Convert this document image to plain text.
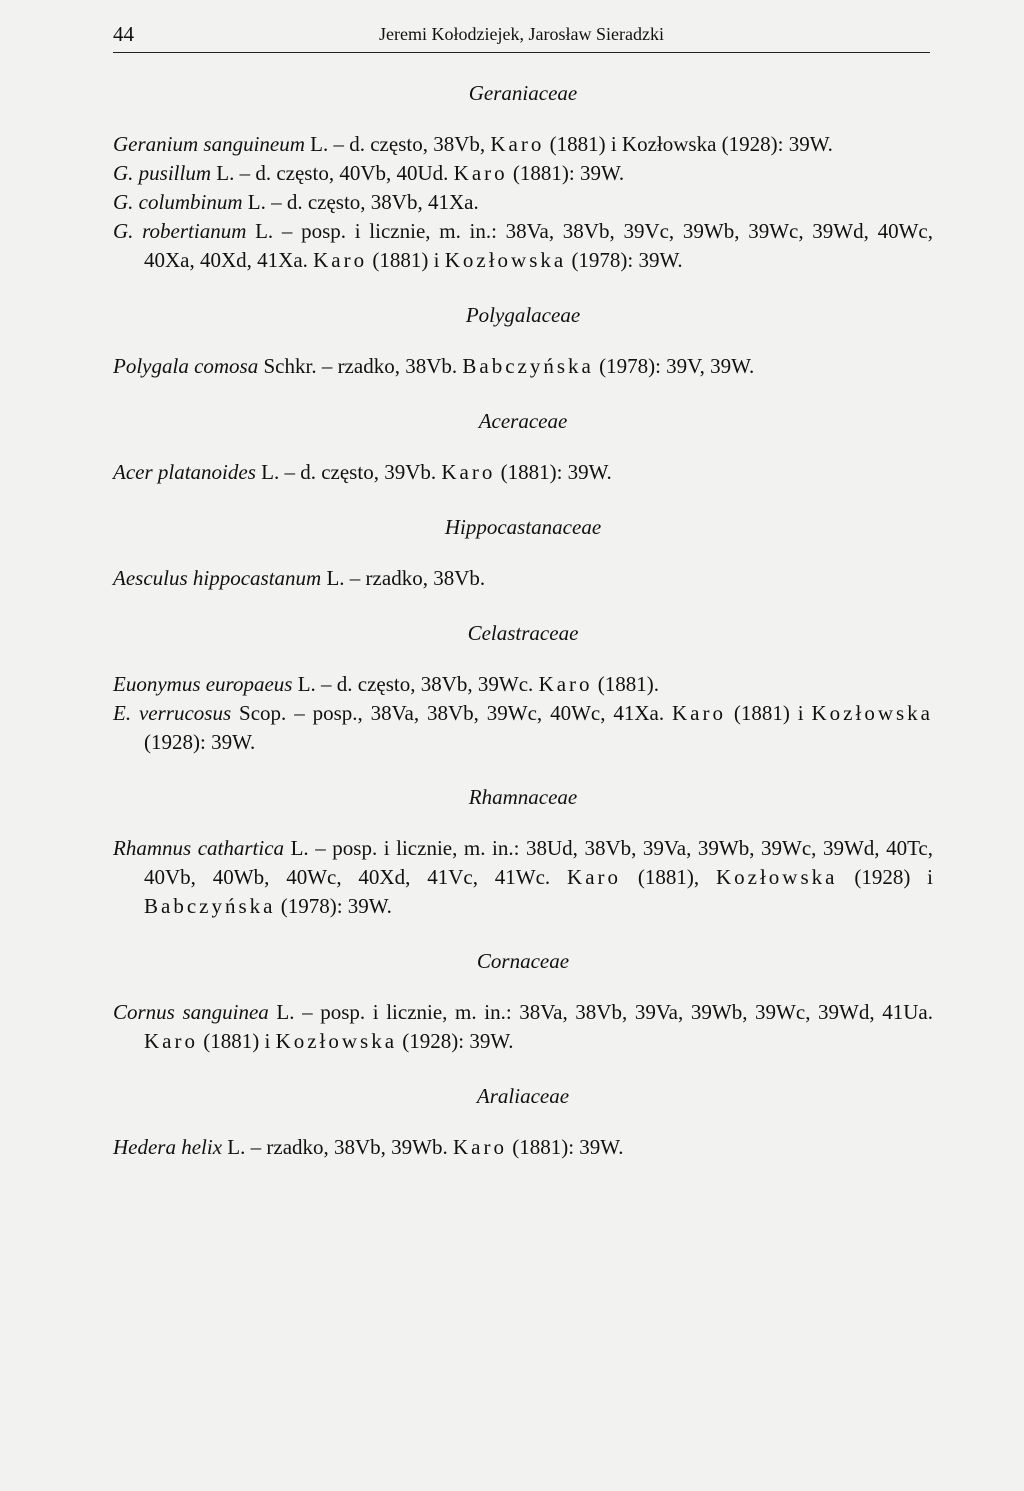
44	Jeremi Kołodziejek, Jarosław Sieradzki
Geraniaceae
Geranium sanguineum L. – d. często, 38Vb, Karo (1881) i Kozłowska (1928): 39W.
G. pusillum L. – d. często, 40Vb, 40Ud. Karo (1881): 39W.
G. columbinum L. – d. często, 38Vb, 41Xa.
G. robertianum L. – posp. i licznie, m. in.: 38Va, 38Vb, 39Vc, 39Wb, 39Wc, 39Wd, 40Wc, 40Xa, 40Xd, 41Xa. Karo (1881) i Kozłowska (1978): 39W.
Polygalaceae
Polygala comosa Schkr. – rzadko, 38Vb. Babczyńska (1978): 39V, 39W.
Aceraceae
Acer platanoides L. – d. często, 39Vb. Karo (1881): 39W.
Hippocastanaceae
Aesculus hippocastanum L. – rzadko, 38Vb.
Celastraceae
Euonymus europaeus L. – d. często, 38Vb, 39Wc. Karo (1881).
E. verrucosus Scop. – posp., 38Va, 38Vb, 39Wc, 40Wc, 41Xa. Karo (1881) i Kozłowska (1928): 39W.
Rhamnaceae
Rhamnus cathartica L. – posp. i licznie, m. in.: 38Ud, 38Vb, 39Va, 39Wb, 39Wc, 39Wd, 40Tc, 40Vb, 40Wb, 40Wc, 40Xd, 41Vc, 41Wc. Karo (1881), Kozłowska (1928) i Babczyńska (1978): 39W.
Cornaceae
Cornus sanguinea L. – posp. i licznie, m. in.: 38Va, 38Vb, 39Va, 39Wb, 39Wc, 39Wd, 41Ua. Karo (1881) i Kozłowska (1928): 39W.
Araliaceae
Hedera helix L. – rzadko, 38Vb, 39Wb. Karo (1881): 39W.
